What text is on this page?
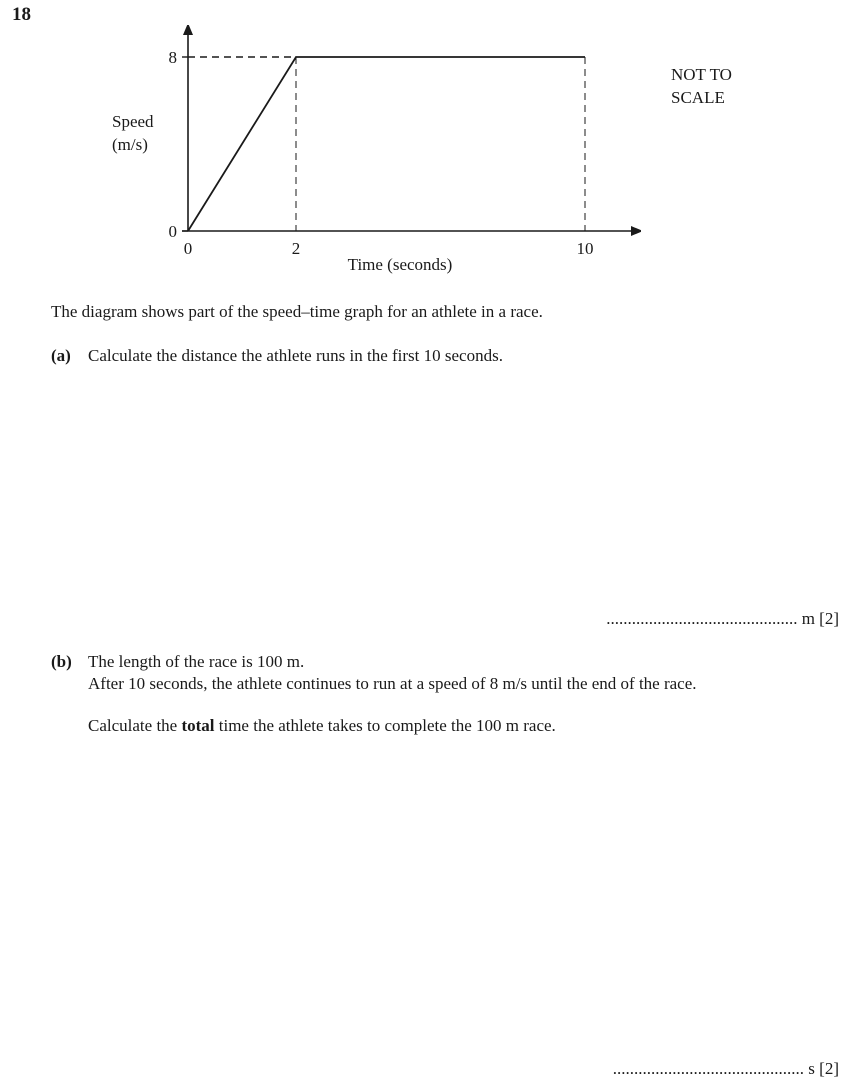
18
8
0
0	2	10
Time (seconds)
Speed
(m/s)
NOT TO
SCALE
The diagram shows part of the speed–time graph for an athlete in a race.
(a) Calculate the distance the athlete runs in the first 10 seconds.
............................................. m [2]
(b) The length of the race is 100 m.
After 10 seconds, the athlete continues to run at a speed of 8 m/s until the end of the race.
Calculate the total time the athlete takes to complete the 100 m race.
............................................. s [2]
